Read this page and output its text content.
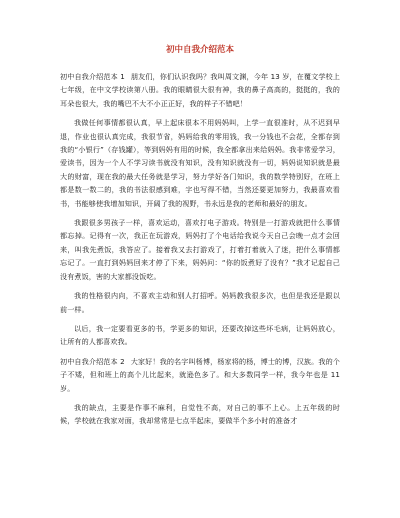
初中自我介绍范本

初中自我介绍范本 1 朋友们，你们认识我吗？我叫周文渊，今年 13 岁，在覆文学校上七年级，在中文学校读第八册。我的眼睛很大很有神，我的鼻子高高的，挺挺的，我的耳朵也很大，我的嘴巴不大不小正正好，我的样子不错吧！

我做任何事情都很认真，早上起床很本不用妈妈叫，上学一直很准时，从不迟到早退，作业也很认真完成，我很节省，妈妈给我的零用钱，我一分钱也不会花，全都存到我的“小银行”（存钱罐），等到妈妈有用的时候，我全都拿出来给妈妈。我非常爱学习，爱读书，因为一个人不学习读书就没有知识，没有知识就没有一切，妈妈说知识就是最大的财富，现在我的最大任务就是学习，努力学好各门知识，我的数学特别好，在班上都是数一数二的，我的书法很感到难，字也写得不错，当然还要更加努力，我最喜欢看书，书能够使我增加知识，开阔了我的视野，书永远是我的老师和最好的朋友。

我跟很多男孩子一样，喜欢运动，喜欢打电子游戏。特别是一打游戏就把什么事情都忘掉。记得有一次，我正在玩游戏，妈妈打了个电话给我说今天自己会晚一点才会回来，叫我先煮饭，我答应了。接着我又去打游戏了，打着打着就入了迷，把什么事情都忘记了。一直打到妈妈回来才停了下来，妈妈问：“你的饭煮好了没有？”我才记起自己没有煮饭，害的大家都没饭吃。

我的性格很内向，不喜欢主动和别人打招呼。妈妈教我很多次，也但是我还是跟以前一样。

以后，我一定要看更多的书，学更多的知识，还要改掉这些坏毛病，让妈妈放心，让所有的人都喜欢我。

初中自我介绍范本 2 大家好！我的名字叫杨博，杨家将的杨，博士的博，汉族。我的个子不矮，但和班上的高个儿比起来，就逊色多了。和大多数同学一样，我今年也是 11 岁。

我的缺点，主要是作事不麻利，自觉性不高，对自己的事不上心。上五年级的时候，学校就在我家对面，我却常常是七点半起床，要做半个多小时的准备才
